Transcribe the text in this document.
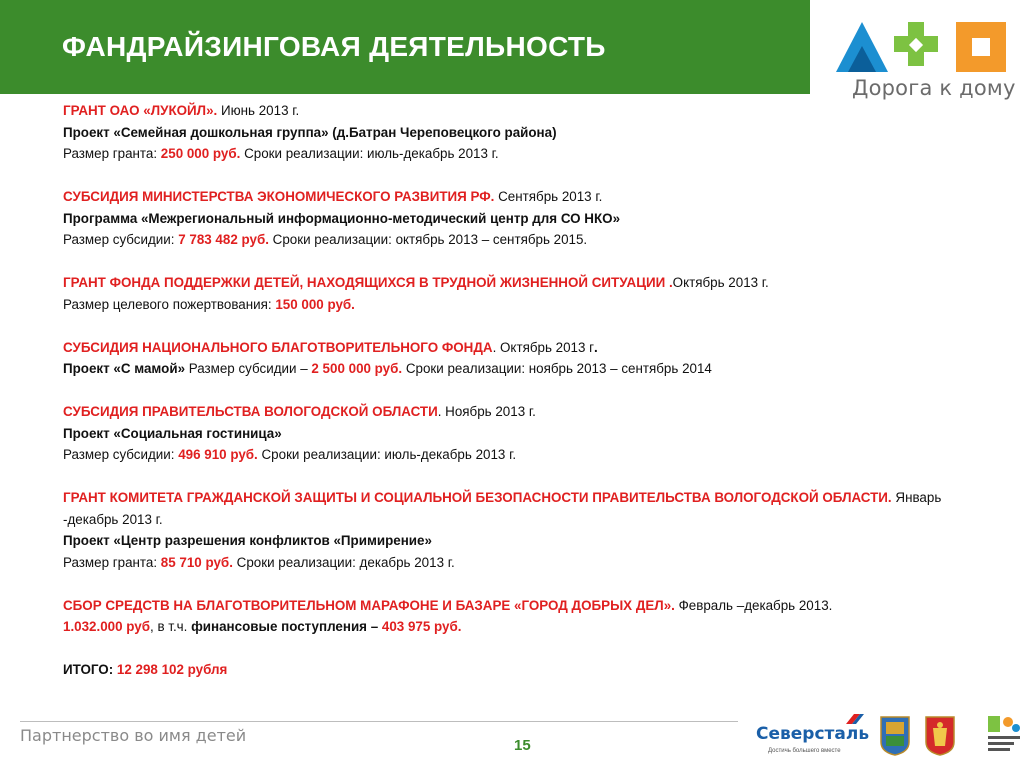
ФАНДРАЙЗИНГОВАЯ ДЕЯТЕЛЬНОСТЬ
Дорога к дому
ГРАНТ ОАО «ЛУКОЙЛ». Июнь 2013 г.
Проект «Семейная дошкольная группа» (д.Батран Череповецкого района)
Размер гранта: 250 000 руб. Сроки реализации: июль-декабрь 2013 г.
СУБСИДИЯ МИНИСТЕРСТВА ЭКОНОМИЧЕСКОГО РАЗВИТИЯ РФ. Сентябрь 2013 г.
Программа «Межрегиональный информационно-методический центр для СО НКО»
Размер субсидии: 7 783 482 руб. Сроки реализации: октябрь 2013 – сентябрь 2015.
ГРАНТ ФОНДА ПОДДЕРЖКИ ДЕТЕЙ, НАХОДЯЩИХСЯ В ТРУДНОЙ ЖИЗНЕННОЙ СИТУАЦИИ .Октябрь 2013 г.
Размер целевого пожертвования: 150 000 руб.
СУБСИДИЯ НАЦИОНАЛЬНОГО БЛАГОТВОРИТЕЛЬНОГО ФОНДА. Октябрь 2013 г.
Проект «С мамой» Размер субсидии – 2 500 000 руб. Сроки реализации: ноябрь 2013 – сентябрь 2014
СУБСИДИЯ ПРАВИТЕЛЬСТВА ВОЛОГОДСКОЙ ОБЛАСТИ. Ноябрь 2013 г.
Проект «Социальная гостиница»
Размер субсидии: 496 910 руб. Сроки реализации: июль-декабрь 2013 г.
ГРАНТ КОМИТЕТА ГРАЖДАНСКОЙ ЗАЩИТЫ И СОЦИАЛЬНОЙ БЕЗОПАСНОСТИ ПРАВИТЕЛЬСТВА ВОЛОГОДСКОЙ ОБЛАСТИ. Январь -декабрь 2013 г.
Проект «Центр разрешения конфликтов «Примирение»
Размер гранта: 85 710 руб. Сроки реализации: декабрь 2013 г.
СБОР СРЕДСТВ НА БЛАГОТВОРИТЕЛЬНОМ МАРАФОНЕ И БАЗАРЕ «ГОРОД ДОБРЫХ ДЕЛ». Февраль –декабрь 2013.
1.032.000 руб, в т.ч. финансовые поступления – 403 975 руб.
ИТОГО: 12 298 102 рубля
Партнерство во имя детей
15
Северсталь
Достичь большего вместе
